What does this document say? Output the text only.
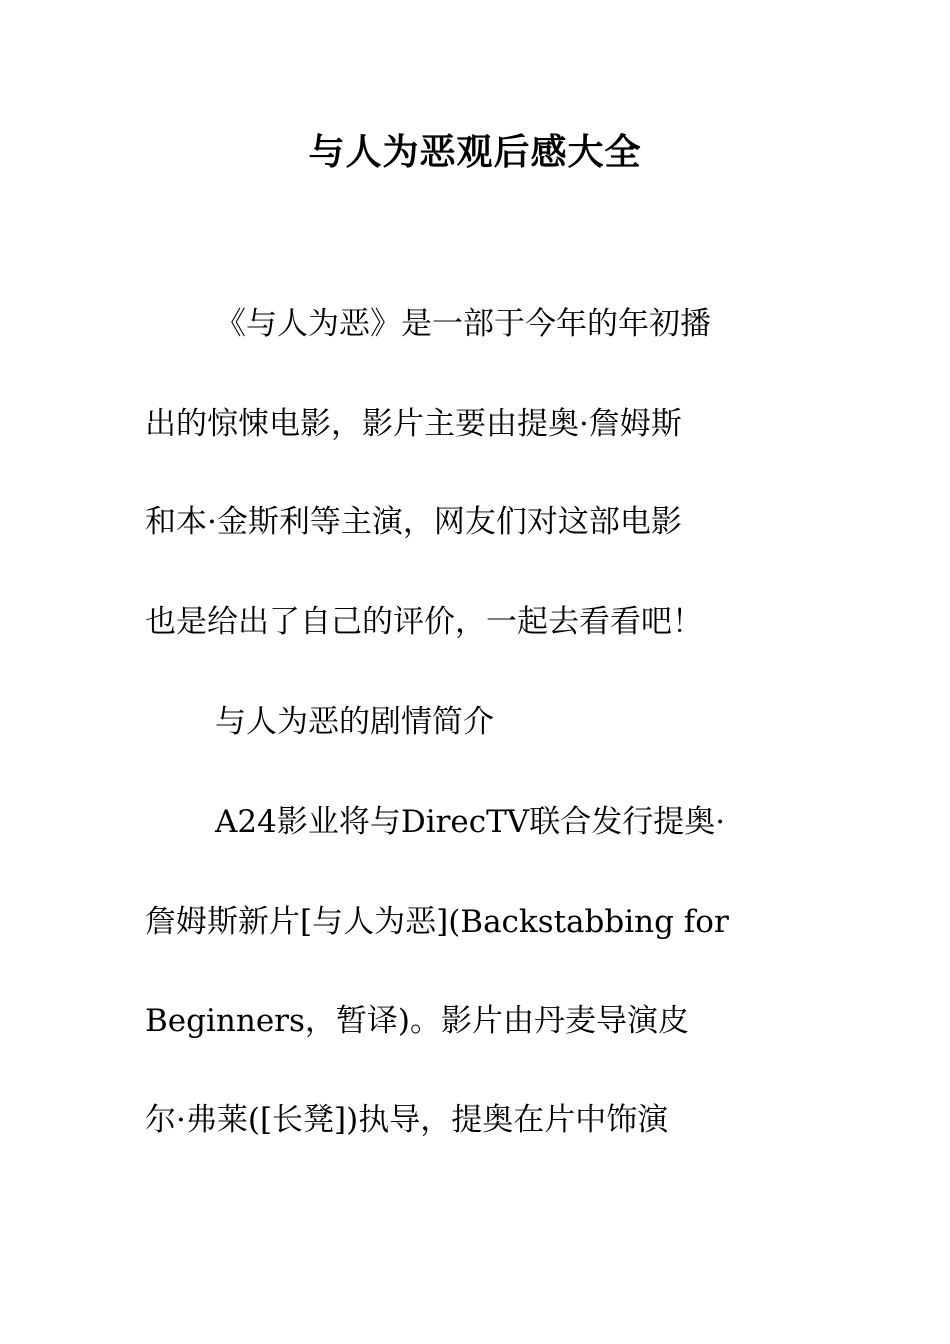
与人为恶观后感大全

《与人为恶》是一部于今年的年初播

出的惊悚电影，影片主要由提奥·詹姆斯

和本·金斯利等主演，网友们对这部电影

也是给出了自己的评价，一起去看看吧！

与人为恶的剧情简介

A24影业将与DirecTV联合发行提奥·

詹姆斯新片[与人为恶](Backstabbing for

Beginners，暂译)。影片由丹麦导演皮

尔·弗莱([长凳])执导，提奥在片中饰演
